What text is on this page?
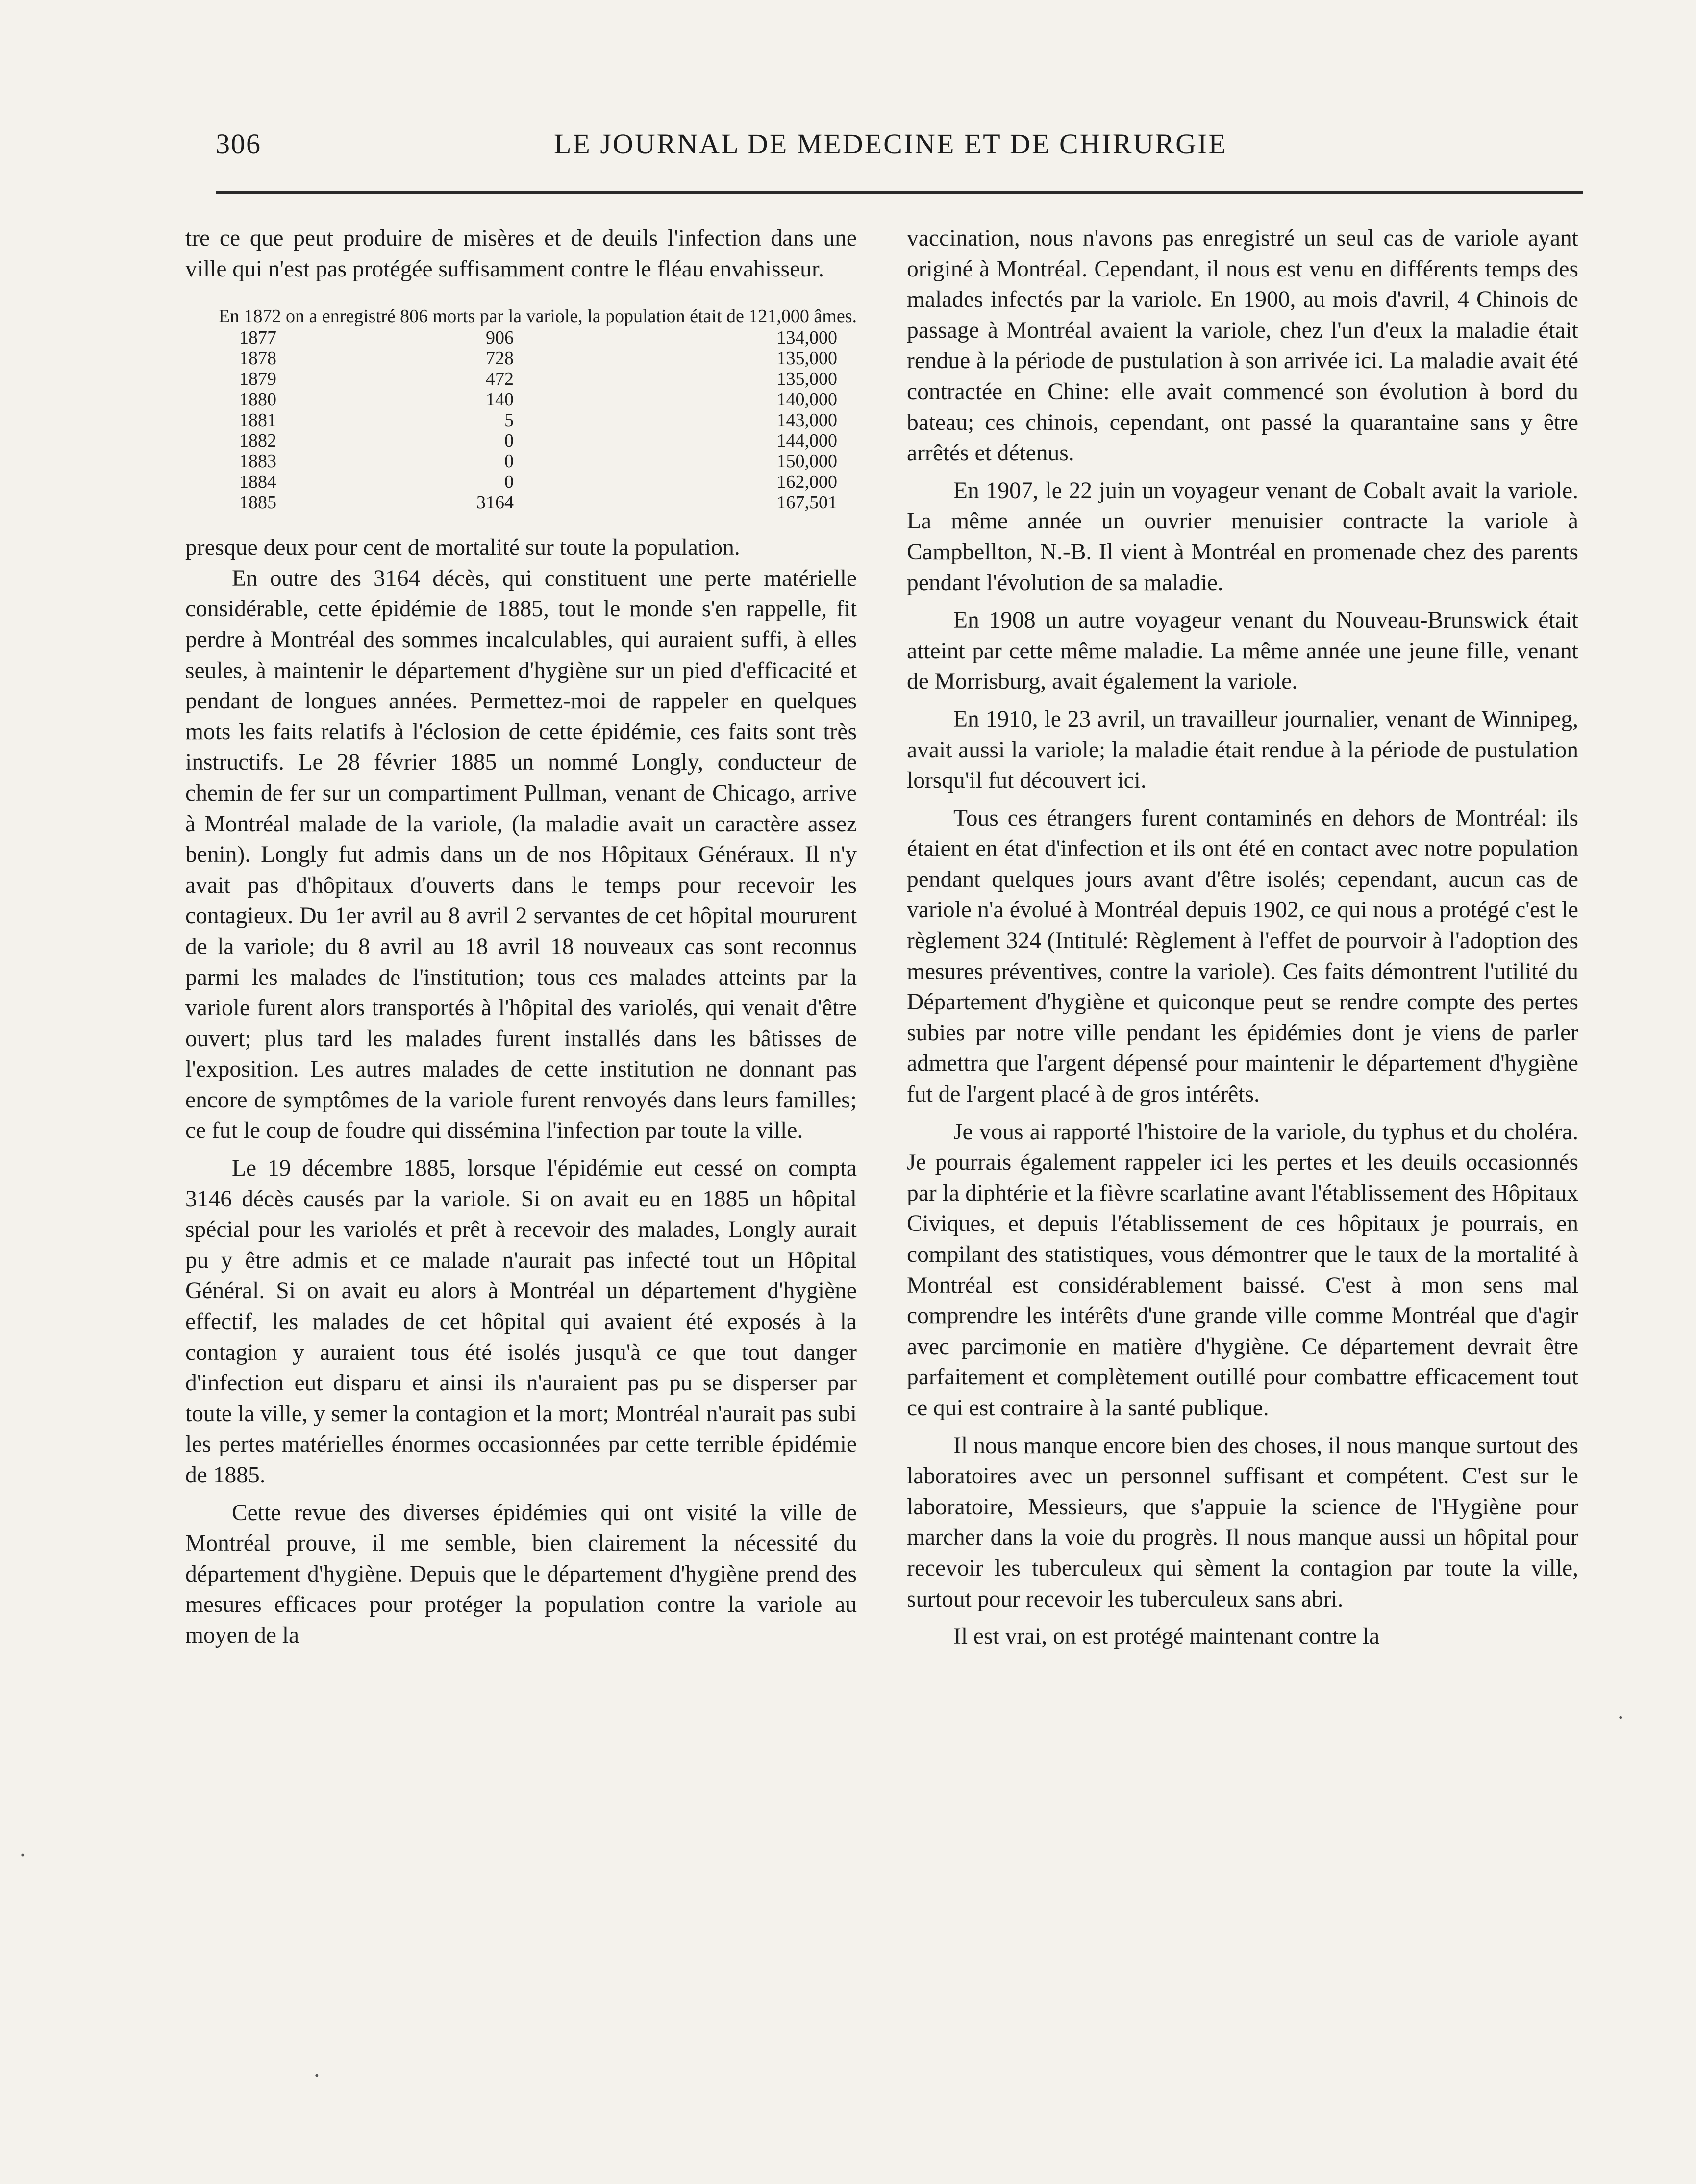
306	LE JOURNAL DE MEDECINE ET DE CHIRURGIE

tre ce que peut produire de misères et de deuils l'infection dans une ville qui n'est pas protégée suffisamment contre le fléau envahisseur.

En 1872 on a enregistré 806 morts par la variole, la population était de 121,000 âmes.

1877	906	134,000
1878	728	135,000
1879	472	135,000
1880	140	140,000
1881	5	143,000
1882	0	144,000
1883	0	150,000
1884	0	162,000
1885	3164	167,501

presque deux pour cent de mortalité sur toute la population.

En outre des 3164 décès, qui constituent une perte matérielle considérable, cette épidémie de 1885, tout le monde s'en rappelle, fit perdre à Montréal des sommes incalculables, qui auraient suffi, à elles seules, à maintenir le département d'hygiène sur un pied d'efficacité et pendant de longues années. Permettez-moi de rappeler en quelques mots les faits relatifs à l'éclosion de cette épidémie, ces faits sont très instructifs. Le 28 février 1885 un nommé Longly, conducteur de chemin de fer sur un compartiment Pullman, venant de Chicago, arrive à Montréal malade de la variole, (la maladie avait un caractère assez benin). Longly fut admis dans un de nos Hôpitaux Généraux. Il n'y avait pas d'hôpitaux d'ouverts dans le temps pour recevoir les contagieux. Du 1er avril au 8 avril 2 servantes de cet hôpital moururent de la variole; du 8 avril au 18 avril 18 nouveaux cas sont reconnus parmi les malades de l'institution; tous ces malades atteints par la variole furent alors transportés à l'hôpital des variolés, qui venait d'être ouvert; plus tard les malades furent installés dans les bâtisses de l'exposition. Les autres malades de cette institution ne donnant pas encore de symptômes de la variole furent renvoyés dans leurs familles; ce fut le coup de foudre qui dissémina l'infection par toute la ville.

Le 19 décembre 1885, lorsque l'épidémie eut cessé on compta 3146 décès causés par la variole. Si on avait eu en 1885 un hôpital spécial pour les variolés et prêt à recevoir des malades, Longly aurait pu y être admis et ce malade n'aurait pas infecté tout un Hôpital Général. Si on avait eu alors à Montréal un département d'hygiène effectif, les malades de cet hôpital qui avaient été exposés à la contagion y auraient tous été isolés jusqu'à ce que tout danger d'infection eut disparu et ainsi ils n'auraient pas pu se disperser par toute la ville, y semer la contagion et la mort; Montréal n'aurait pas subi les pertes matérielles énormes occasionnées par cette terrible épidémie de 1885.

Cette revue des diverses épidémies qui ont visité la ville de Montréal prouve, il me semble, bien clairement la nécessité du département d'hygiène. Depuis que le département d'hygiène prend des mesures efficaces pour protéger la population contre la variole au moyen de la

vaccination, nous n'avons pas enregistré un seul cas de variole ayant originé à Montréal. Cependant, il nous est venu en différents temps des malades infectés par la variole. En 1900, au mois d'avril, 4 Chinois de passage à Montréal avaient la variole, chez l'un d'eux la maladie était rendue à la période de pustulation à son arrivée ici. La maladie avait été contractée en Chine: elle avait commencé son évolution à bord du bateau; ces chinois, cependant, ont passé la quarantaine sans y être arrêtés et détenus.

En 1907, le 22 juin un voyageur venant de Cobalt avait la variole. La même année un ouvrier menuisier contracte la variole à Campbellton, N.-B. Il vient à Montréal en promenade chez des parents pendant l'évolution de sa maladie.

En 1908 un autre voyageur venant du Nouveau-Brunswick était atteint par cette même maladie. La même année une jeune fille, venant de Morrisburg, avait également la variole.

En 1910, le 23 avril, un travailleur journalier, venant de Winnipeg, avait aussi la variole; la maladie était rendue à la période de pustulation lorsqu'il fut découvert ici.

Tous ces étrangers furent contaminés en dehors de Montréal: ils étaient en état d'infection et ils ont été en contact avec notre population pendant quelques jours avant d'être isolés; cependant, aucun cas de variole n'a évolué à Montréal depuis 1902, ce qui nous a protégé c'est le règlement 324 (Intitulé: Règlement à l'effet de pourvoir à l'adoption des mesures préventives, contre la variole). Ces faits démontrent l'utilité du Département d'hygiène et quiconque peut se rendre compte des pertes subies par notre ville pendant les épidémies dont je viens de parler admettra que l'argent dépensé pour maintenir le département d'hygiène fut de l'argent placé à de gros intérêts.

Je vous ai rapporté l'histoire de la variole, du typhus et du choléra. Je pourrais également rappeler ici les pertes et les deuils occasionnés par la diphtérie et la fièvre scarlatine avant l'établissement des Hôpitaux Civiques, et depuis l'établissement de ces hôpitaux je pourrais, en compilant des statistiques, vous démontrer que le taux de la mortalité à Montréal est considérablement baissé. C'est à mon sens mal comprendre les intérêts d'une grande ville comme Montréal que d'agir avec parcimonie en matière d'hygiène. Ce département devrait être parfaitement et complètement outillé pour combattre efficacement tout ce qui est contraire à la santé publique.

Il nous manque encore bien des choses, il nous manque surtout des laboratoires avec un personnel suffisant et compétent. C'est sur le laboratoire, Messieurs, que s'appuie la science de l'Hygiène pour marcher dans la voie du progrès. Il nous manque aussi un hôpital pour recevoir les tuberculeux qui sèment la contagion par toute la ville, surtout pour recevoir les tuberculeux sans abri.

Il est vrai, on est protégé maintenant contre la

.
.
.
